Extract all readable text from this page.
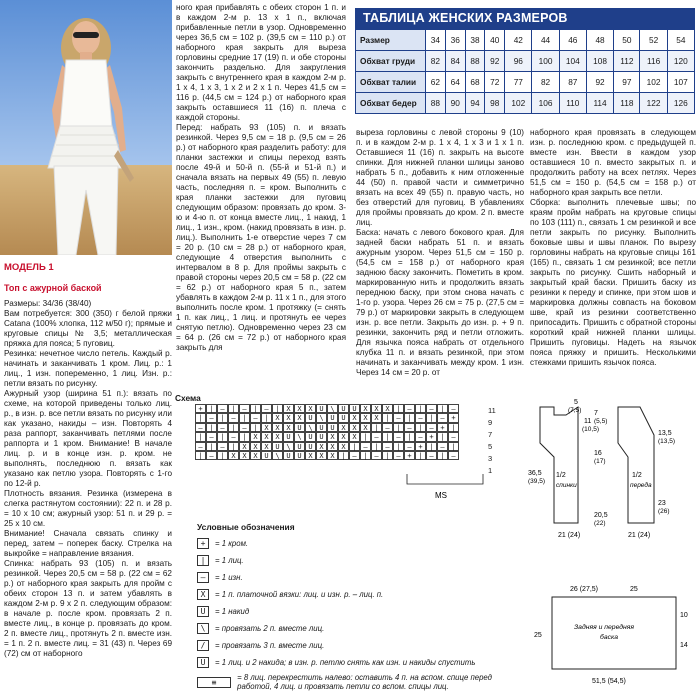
МОДЕЛЬ 1
Топ с ажурной баской

Размеры: 34/36 (38/40)

Вам потребуется: 300 (350) г белой пряжи Catana (100% хлопка, 112 м/50 г); прямые и круговые спицы № 3,5; металлическая пряжка для пояса; 5 пуговиц.

Резинка: нечетное число петель. Каждый р. начинать и заканчивать 1 кром. Лиц. р.: 1 лиц., 1 изн. попеременно, 1 лиц. Изн. р.: петли вязать по рисунку.

Ажурный узор (ширина 51 п.): вязать по схеме, на которой приведены только лиц. р., в изн. р. все петли вязать по рисунку или как указано, накиды – изн. Повторять 4 раза раппорт, заканчивать петлями после раппорта и 1 кром. Внимание! В начале лиц. р. и в конце изн. р. кром. не выполнять, последнюю п. вязать как указано как петлю узора. Повторять с 1-го по 12-й р.

Плотность вязания. Резинка (измерена в слегка растянутом состоянии): 22 п. и 28 р. = 10 x 10 см; ажурный узор: 51 п. и 29 р. = 25 x 10 см.

Внимание! Сначала связать спинку и перед, затем – поперек баску. Стрелка на выкройке = направление вязания.

Спинка: набрать 93 (105) п. и вязать резинкой. Через 20,5 см = 58 р. (22 см = 62 р.) от наборного края закрыть для пройм с обеих сторон 13 п. и затем убавлять в каждом 2-м р. 9 x 2 п. следующим образом: в начале р. после кром. провязать 2 п. вместе лиц., в конце р. провязать до кром. 2 п. вместе лиц., протянуть 2 п. вместе изн. = 1 п. 2 п. вместе лиц. = 31 (43) п. Через 69 (72) см от наборного

ного края прибавлять с обеих сторон 1 п. и в каждом 2-м р. 13 х 1 п., включая прибавленные петли в узор. Одновременно через 36,5 см = 102 р. (39,5 см = 110 р.) от наборного края закрыть для выреза горловины средние 17 (19) п. и обе стороны закончить раздельно. Для закругления закрыть с внутреннего края в каждом 2-м р. 1 x 4, 1 x 3, 1 x 2 и 2 x 1 п. Через 41,5 см = 116 р. (44,5 см = 124 р.) от наборного края закрыть оставшиеся 11 (16) п. плеча с каждой стороны.

Перед: набрать 93 (105) п. и вязать резинкой. Через 9,5 см = 18 р. (9,5 см = 26 р.) от наборного края разделить работу: для планки застежки и спицы переход взять после 49-й и 50-й п. (55-й и 51-й п.) и сначала вязать на первых 49 (55) п. левую часть, последняя п. = кром. Выполнить с края планки застежки для пуговиц следующим образом: провязать до кром. 3-ю и 4-ю п. от конца вместе лиц., 1 накид, 1 лиц., 1 изн., кром. (накид провязать в изн. р. лиц.). Выполнить 1-е отверстие через 7 см = 20 р. (10 см = 28 р.) от наборного края, следующие 4 отверстия выполнить с интервалом в 8 р. Для проймы закрыть с правой стороны через 20,5 см = 58 р. (22 см = 62 р.) от наборного края 5 п., затем убавлять в каждом 2-м р. 11 x 1 п., для этого выполнить после кром. 1 протяжку (= снять 1 п. как лиц., 1 лиц. и протянуть ее через снятую петлю). Одновременно через 23 см = 64 р. (26 см = 72 р.) от наборного края закрыть для

ТАБЛИЦА ЖЕНСКИХ РАЗМЕРОВ
Размер	34	36	38	40	42	44	46	48	50	52	54
Обхват груди	82	84	88	92	96	100	104	108	112	116	120
Обхват талии	62	64	68	72	77	82	87	92	97	102	107
Обхват бедер	88	90	94	98	102	106	110	114	118	122	126

выреза горловины с левой стороны 9 (10) п. и в каждом 2-м р. 1 x 4, 1 x 3 и 1 x 1 п. Оставшиеся 11 (16) п. закрыть на высоте спинки. Для нижней планки шлицы заново набрать 5 п., добавить к ним отложенные 44 (50) п. правой части и симметрично вязать на всех 49 (55) п. правую часть, но без отверстий для пуговиц. В убавлениях для проймы провязать до кром. 2 п. вместе лиц.

Баска: начать с левого бокового края. Для задней баски набрать 51 п. и вязать ажурным узором. Через 51,5 см = 150 р. (54,5 см = 158 р.) от наборного края заднюю баску закончить. Пометить в кром. маркированную нить и продолжить вязать переднюю баску, при этом снова начать с 1-го р. узора. Через 26 см = 75 р. (27,5 см = 79 р.) от маркировки закрыть в следующем изн. р. все петли. Закрыть до изн. р. + 9 п. резинки, закончить ряд и петли отложить. Для язычка пояса набрать от отдельного клубка 11 п. и вязать резинкой, при этом начинать и заканчивать между кром. 1 изн. Через 14 см = 20 р. от

наборного края провязать в следующем изн. р. последнюю кром. с предыдущей п. вместе изн. Ввести в каждом узор оставшиеся 10 п. вместо закрытых п. и продолжить работу на всех петлях. Через 51,5 см = 150 р. (54,5 см = 158 р.) от наборного края закрыть все петли.

Сборка: выполнить плечевые швы; по краям пройм набрать на круговые спицы по 103 (111) п., связать 1 см резинкой и все петли закрыть по рисунку. Выполнить боковые швы и швы планок. По вырезу горловины набрать на круговые спицы 161 (165) п., связать 1 см резинкой; все петли закрыть по рисунку. Сшить наборный и закрытый край баски. Пришить баску из резинки к переду и спинке, при этом шов и маркировка должны совпасть на боковом шве, край из резинки соответственно припосадить. Пришить с обратной стороны короткий край нижней планки шлицы. Пришить пуговицы. Надеть на язычок пояса пряжку и пришить. Несколькими стежками пришить язычок пояса.

Схема
+ | – | – | – | X X X U \ U U X X X | – | – | –
| – | – | – | X X X U \ U U X X X | – | – | – +
– | – | – | X X X U \ U U X X X | – | – | – + |
| – | – | X X X U \ U U X X X | – | – | – + | –
– | – | X X X U \ U U X X X | – | – | – + | – |
| – | X X X U \ U U X X X | – | – | – + | – | –
11
9
7
5
3
1
MS
Условные обозначения
+	= 1 кром.
|	= 1 лиц.
–	= 1 изн.
X	= 1 п. платочной вязки: лиц. и изн. р. – лиц. п.
U	= 1 накид
\	= провязать 2 п. вместе лиц.
/	= провязать 3 п. вместе лиц.
U	= 1 лиц. и 2 накида; в изн. р. петлю снять как изн. и накиды спустить
≡
= 8 лиц. перекрестить налево: оставить 4 п. на вспом. спице перед работой, 4 лиц. и провязать петли со вспом. спицы лиц.
5
(7,5)
11
(10,5)
36,5
(39,5)
1/2
спинки
21 (24)
7
(5,5)
16
(17)
20,5
(22)
13,5
(13,5)
1/2
переда
23
(26)
21 (24)
26 (27,5)	25
25
10
14
Задняя и передняя
баска
51,5 (54,5)
